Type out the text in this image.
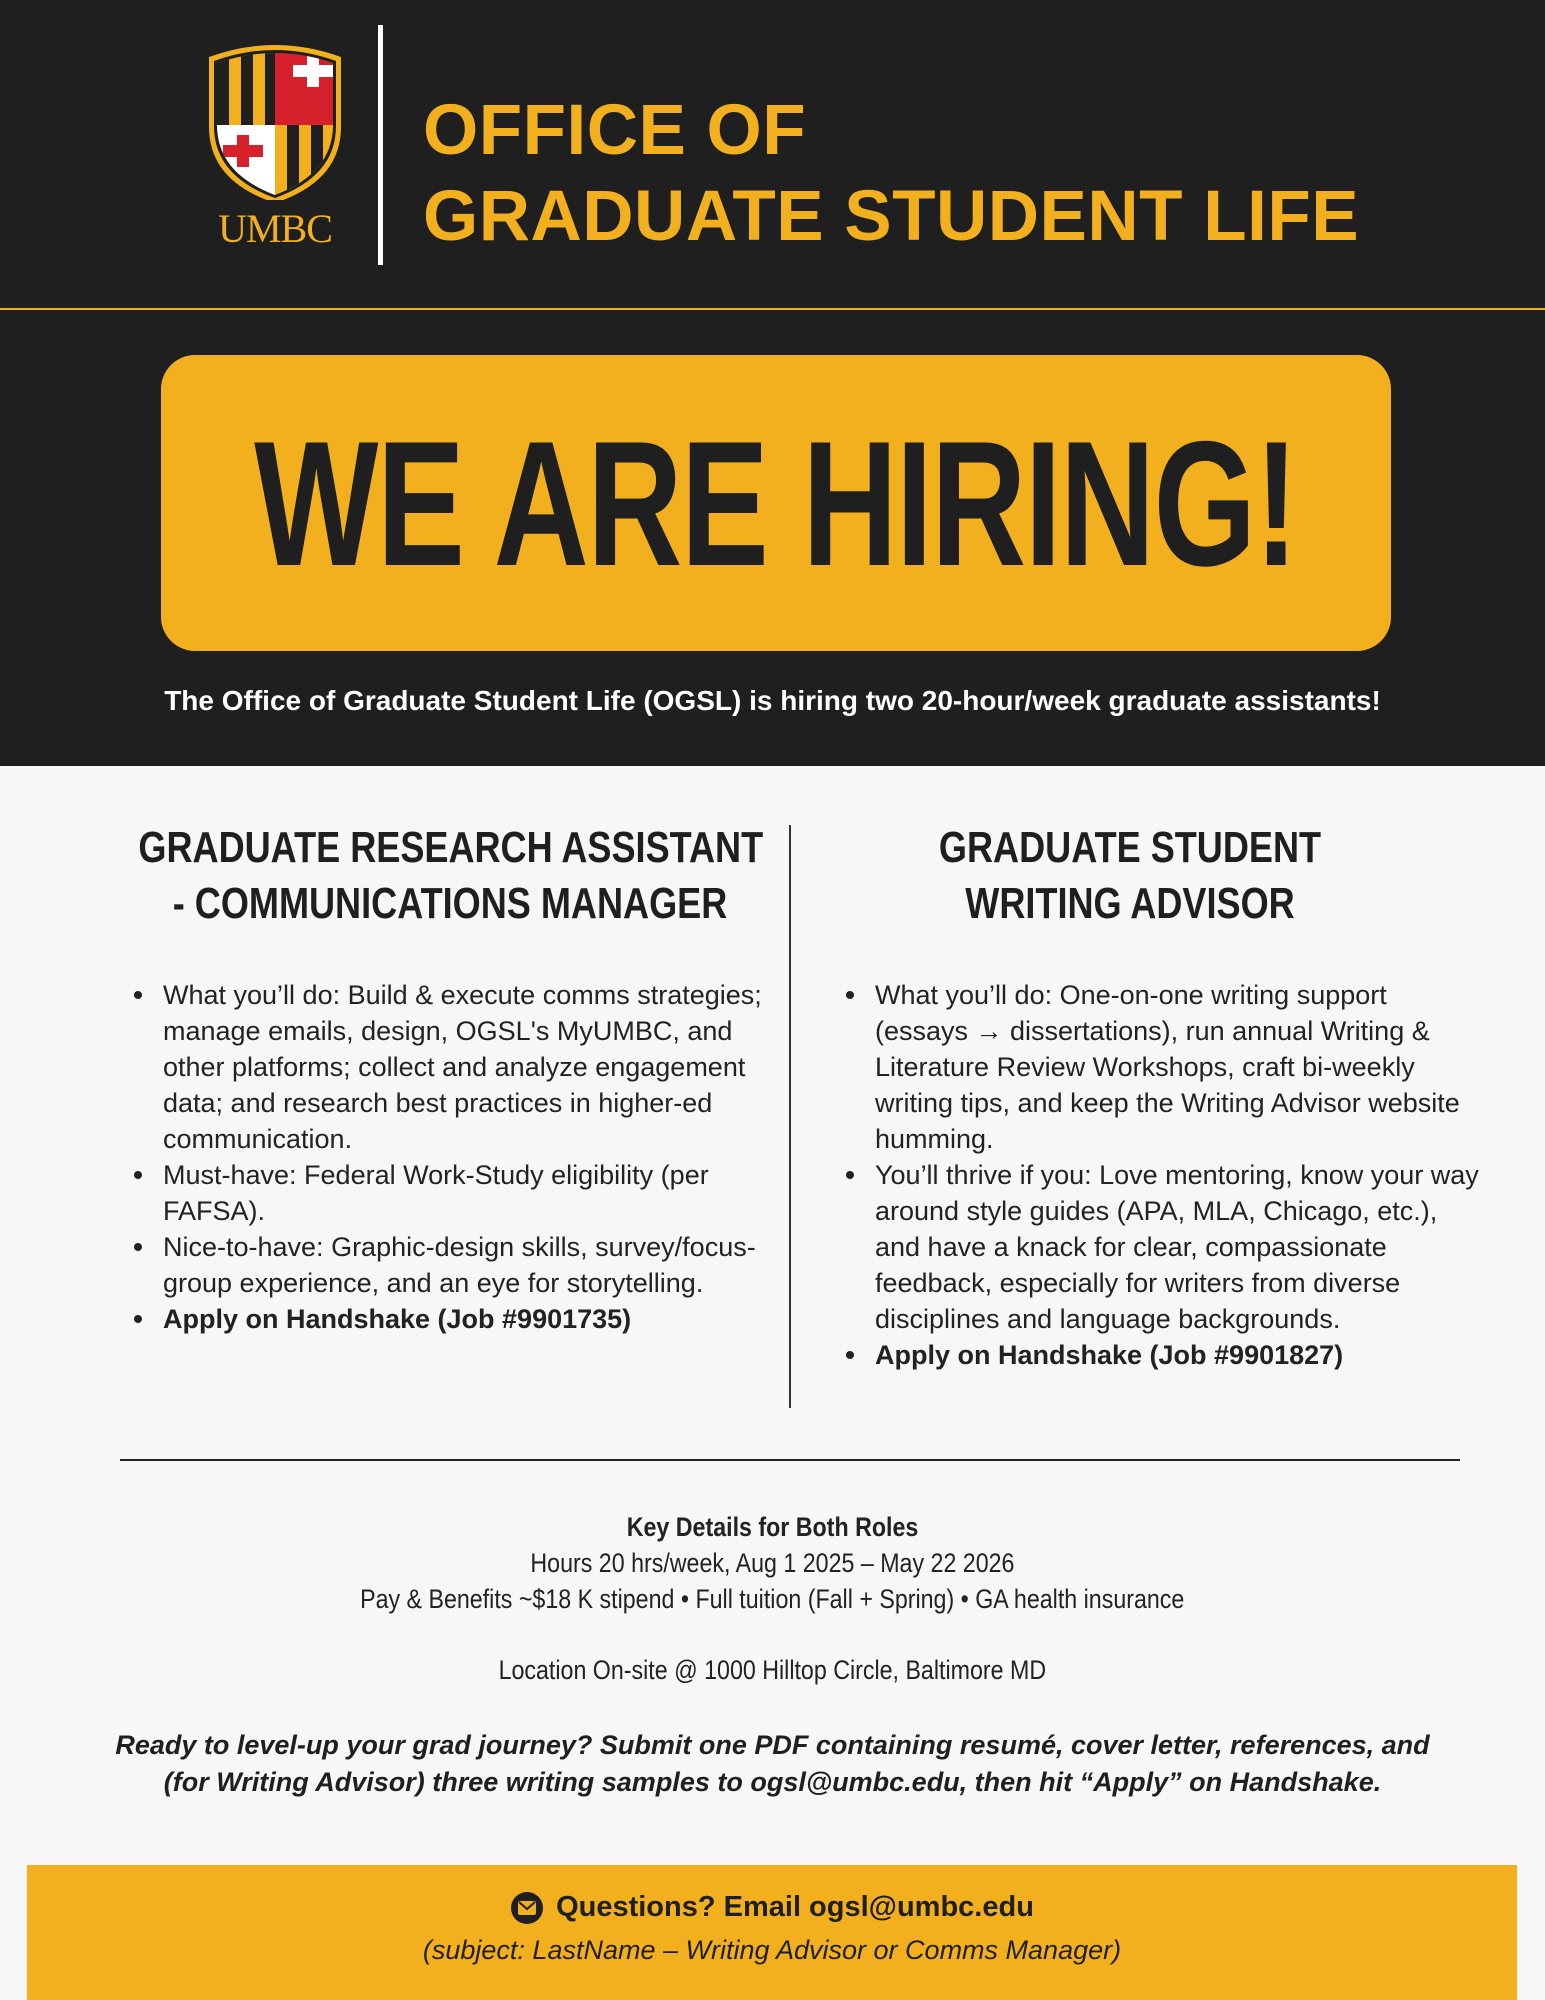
UMBC
OFFICE OF
GRADUATE STUDENT LIFE
WE ARE HIRING!
The Office of Graduate Student Life (OGSL) is hiring two 20-hour/week graduate assistants!
GRADUATE RESEARCH ASSISTANT
- COMMUNICATIONS MANAGER
GRADUATE STUDENT
WRITING ADVISOR
What you’ll do: Build & execute comms strategies; manage emails, design, OGSL's MyUMBC, and other platforms; collect and analyze engagement data; and research best practices in higher-ed communication.
Must-have: Federal Work-Study eligibility (per FAFSA).
Nice-to-have: Graphic-design skills, survey/focus-group experience, and an eye for storytelling.
Apply on Handshake (Job #9901735)
What you’ll do: One-on-one writing support (essays → dissertations), run annual Writing & Literature Review Workshops, craft bi-weekly writing tips, and keep the Writing Advisor website humming.
You’ll thrive if you: Love mentoring, know your way around style guides (APA, MLA, Chicago, etc.), and have a knack for clear, compassionate feedback, especially for writers from diverse disciplines and language backgrounds.
Apply on Handshake (Job #9901827)
Key Details for Both Roles
Hours 20 hrs/week, Aug 1 2025 – May 22 2026
Pay & Benefits ~$18 K stipend • Full tuition (Fall + Spring) • GA health insurance
Location On-site @ 1000 Hilltop Circle, Baltimore MD
Ready to level-up your grad journey? Submit one PDF containing resumé, cover letter, references, and (for Writing Advisor) three writing samples to ogsl@umbc.edu, then hit “Apply” on Handshake.
Questions? Email ogsl@umbc.edu
(subject: LastName – Writing Advisor or Comms Manager)
